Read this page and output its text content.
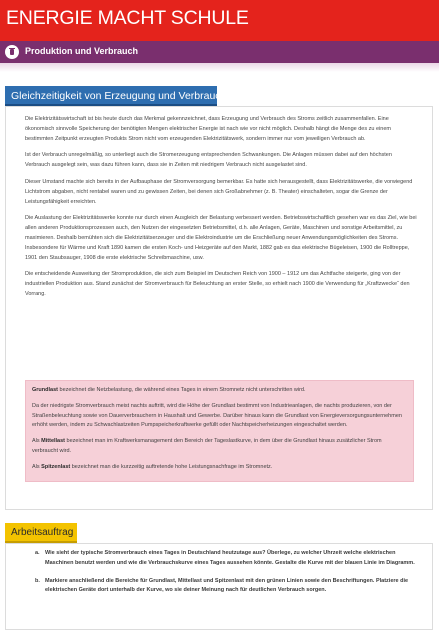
ENERGIE MACHT SCHULE
Produktion und Verbrauch
Gleichzeitigkeit von Erzeugung und Verbrauch

Die Elektrizitätswirtschaft ist bis heute durch das Merkmal gekennzeichnet, dass Erzeugung und Verbrauch des Stroms zeitlich zusammenfallen. Eine ökonomisch sinnvolle Speicherung der benötigten Mengen elektrischer Energie ist nach wie vor nicht möglich. Deshalb hängt die Menge des zu einem bestimmten Zeitpunkt erzeugten Produkts Strom nicht vom erzeugenden Elektrizitätswerk, sondern immer nur vom jeweiligen Verbrauch ab.

Ist der Verbrauch unregelmäßig, so unterliegt auch die Stromerzeugung entsprechenden Schwankungen. Die Anlagen müssen dabei auf den höchsten Verbrauch ausgelegt sein, was dazu führen kann, dass sie in Zeiten mit niedrigem Verbrauch nicht ausgelastet sind.

Dieser Umstand machte sich bereits in der Aufbauphase der Stromversorgung bemerkbar. Es hatte sich herausgestellt, dass Elektrizitätswerke, die vorwiegend Lichtstrom abgaben, nicht rentabel waren und zu gewissen Zeiten, bei denen sich Großabnehmer (z. B. Theater) einschalteten, sogar die Grenze der Leistungsfähigkeit erreichten.

Die Auslastung der Elektrizitätswerke konnte nur durch einen Ausgleich der Belastung verbessert werden. Betriebswirtschaftlich gesehen war es das Ziel, wie bei allen anderen Produktionsprozessen auch, den Nutzen der eingesetzten Betriebsmittel, d.h. alle Anlagen, Geräte, Maschinen und sonstige Arbeitsmittel, zu maximieren. Deshalb bemühten sich die Elektrizitätserzeuger und die Elektroindustrie um die Erschließung neuer Anwendungsmöglichkeiten des Stroms. Insbesondere für Wärme und Kraft 1890 kamen die ersten Koch- und Heizgeräte auf den Markt, 1882 gab es das elektrische Bügeleisen, 1900 die Rolltreppe, 1901 den Staubsauger, 1908 die erste elektrische Schreibmaschine, usw.

Die entscheidende Ausweitung der Stromproduktion, die sich zum Beispiel im Deutschen Reich von 1900 – 1912 um das Achtfache steigerte, ging von der industriellen Produktion aus. Stand zunächst der Stromverbrauch für Beleuchtung an erster Stelle, so erhielt nach 1900 die Verwendung für „Kraftzwecke“ den Vorrang.

Grundlast bezeichnet die Netzbelastung, die während eines Tages in einem Stromnetz nicht unterschritten wird.

Da der niedrigste Stromverbrauch meist nachts auftritt, wird die Höhe der Grundlast bestimmt von Industrieanlagen, die nachts produzieren, von der Straßenbeleuchtung sowie von Dauerverbrauchern in Haushalt und Gewerbe. Darüber hinaus kann die Grundlast von Energieversorgungsunternehmen erhöht werden, indem zu Schwachlastzeiten Pumpspeicherkraftwerke gefüllt oder Nachtspeicherheizungen eingeschaltet werden.

Als Mittellast bezeichnet man im Kraftwerksmanagement den Bereich der Tageslastkurve, in dem über die Grundlast hinaus zusätzlicher Strom verbraucht wird.

Als Spitzenlast bezeichnet man die kurzzeitig auftretende hohe Leistungsnachfrage im Stromnetz.

Arbeitsauftrag
a. Wie sieht der typische Stromverbrauch eines Tages in Deutschland heutzutage aus? Überlege, zu welcher Uhrzeit welche elektrischen Maschinen benutzt werden und wie die Verbrauchskurve eines Tages aussehen könnte. Gestalte die Kurve mit der blauen Linie im Diagramm.
b. Markiere anschließend die Bereiche für Grundlast, Mittellast und Spitzenlast mit den grünen Linien sowie den Beschriftungen. Platziere die elektrischen Geräte dort unterhalb der Kurve, wo sie deiner Meinung nach für deutlichen Verbrauch sorgen.
